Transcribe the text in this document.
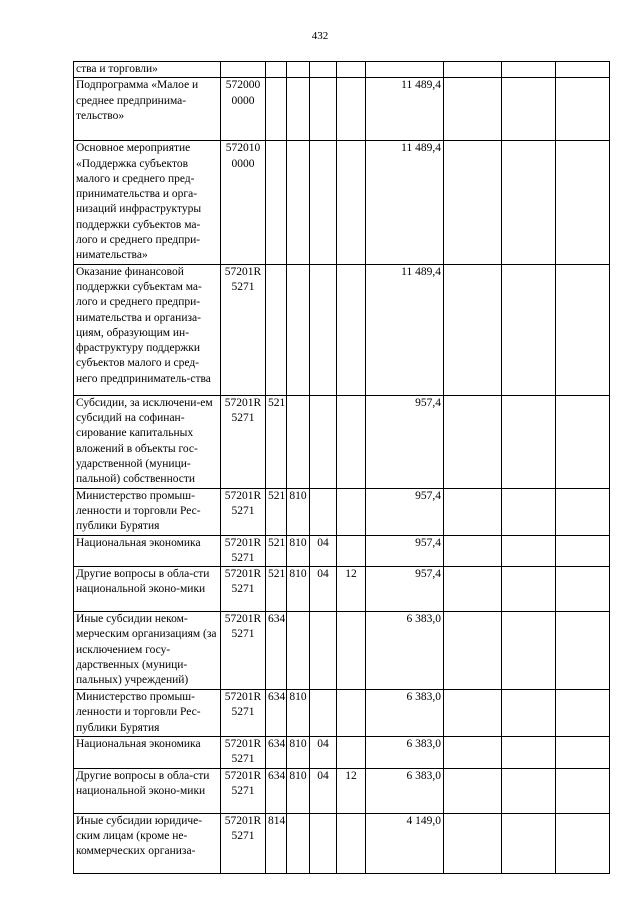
432
ства и торговли»									
Подпрограмма «Малое и среднее предпринима-тельство»	572000 0000					11 489,4			
Основное мероприятие «Поддержка субъектов малого и среднего пред-принимательства и орга-низаций инфраструктуры поддержки субъектов ма-лого и среднего предпри-нимательства»	572010 0000					11 489,4			
Оказание финансовой поддержки субъектам ма-лого и среднего предпри-нимательства и организа-циям, образующим ин-фраструктуру поддержки субъектов малого и сред-него предприниматель-ства	57201R 5271					11 489,4			
Субсидии, за исключени-ем субсидий на софинан-сирование капитальных вложений в объекты гос-ударственной (муници-пальной) собственности	57201R 5271	521				957,4			
Министерство промыш-ленности и торговли Рес-публики Бурятия	57201R 5271	521	810			957,4			
Национальная экономика	57201R 5271	521	810	04		957,4			
Другие вопросы в обла-сти национальной эконо-мики	57201R 5271	521	810	04	12	957,4			
Иные субсидии неком-мерческим организациям (за исключением госу-дарственных (муници-пальных) учреждений)	57201R 5271	634				6 383,0			
Министерство промыш-ленности и торговли Рес-публики Бурятия	57201R 5271	634	810			6 383,0			
Национальная экономика	57201R 5271	634	810	04		6 383,0			
Другие вопросы в обла-сти национальной эконо-мики	57201R 5271	634	810	04	12	6 383,0			
Иные субсидии юридиче-ским лицам (кроме не-коммерческих организа-	57201R 5271	814				4 149,0			
